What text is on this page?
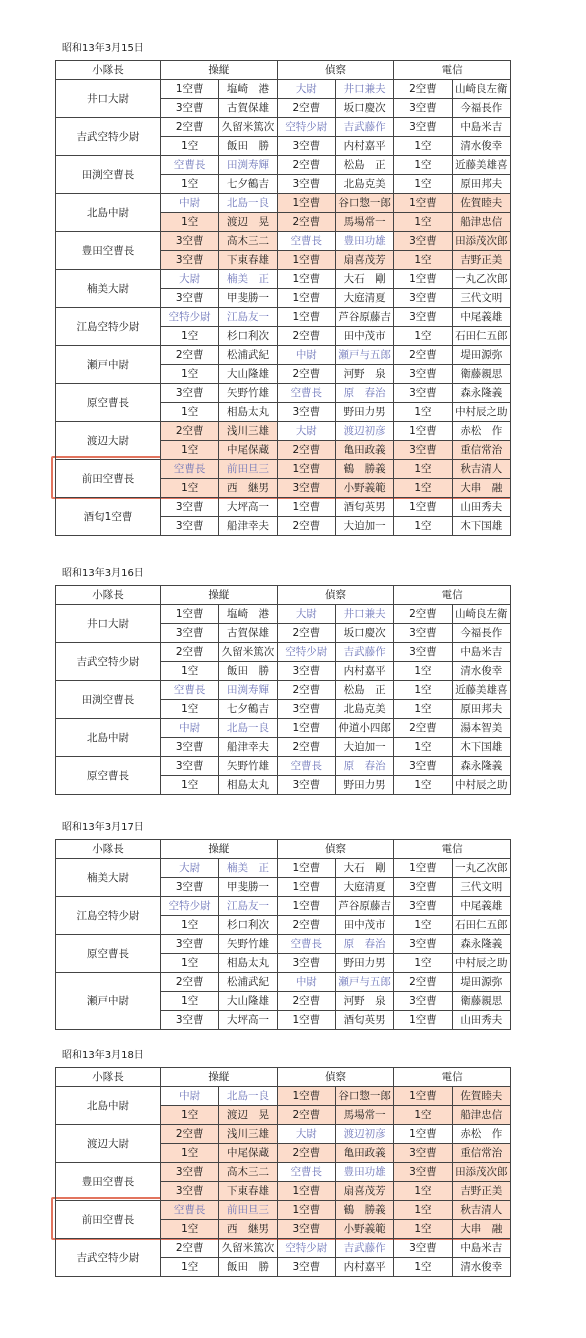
昭和13年3月15日
小隊長	操縦		偵察		電信	
井口大尉	1空曹	塩崎　港	大尉	井口兼夫	2空曹	山崎良左衛
	3空曹	古賀保雄	2空曹	坂口慶次	3空曹	今福長作
吉武空特少尉	2空曹	久留米篤次	空特少尉	吉武藤作	3空曹	中島米吉
	1空	飯田　勝	3空曹	内村嘉平	1空	清水俊幸
田渕空曹長	空曹長	田渕寿輝	2空曹	松島　正	1空	近藤美雄喜
	1空	七夕鶴吉	3空曹	北島克美	1空	原田邦夫
北島中尉	中尉	北島一良	1空曹	谷口惣一郎	1空曹	佐賀睦夫
	1空	渡辺　晃	2空曹	馬場常一	1空	船津忠信
豊田空曹長	3空曹	高木三二	空曹長	豊田功雄	3空曹	田添茂次郎
	3空曹	下東春雄	1空曹	扇喜茂芳	1空	吉野正美
楠美大尉	大尉	楠美　正	1空曹	大石　剛	1空曹	一丸乙次郎
	3空曹	甲斐勝一	1空曹	大庭清夏	3空曹	三代文明
江島空特少尉	空特少尉	江島友一	1空曹	芦谷原藤吉	3空曹	中尾義雄
	1空	杉口利次	2空曹	田中茂市	1空	石田仁五郎
瀬戸中尉	2空曹	松浦武紀	中尉	瀬戸与五郎	2空曹	堤田源弥
	1空	大山隆雄	2空曹	河野　泉	3空曹	衛藤親思
原空曹長	3空曹	矢野竹雄	空曹長	原　春治	3空曹	森永隆義
	1空	相島太丸	3空曹	野田力男	1空	中村辰之助
渡辺大尉	2空曹	浅川三雄	大尉	渡辺初彦	1空曹	赤松　作
	1空	中尾保蔵	2空曹	亀田政義	3空曹	重信常治
前田空曹長	空曹長	前田旦三	1空曹	鶴　勝義	1空	秋吉清人
	1空	西　継男	3空曹	小野義範	1空	大串　融
酒匂1空曹	3空曹	大坪高一	1空曹	酒匂英男	1空曹	山田秀夫
	3空曹	船津幸夫	2空曹	大迫加一	1空	木下国雄
昭和13年3月16日
小隊長	操縦		偵察		電信	
井口大尉	1空曹	塩崎　港	大尉	井口兼夫	2空曹	山崎良左衛
	3空曹	古賀保雄	2空曹	坂口慶次	3空曹	今福長作
吉武空特少尉	2空曹	久留米篤次	空特少尉	吉武藤作	3空曹	中島米吉
	1空	飯田　勝	3空曹	内村嘉平	1空	清水俊幸
田渕空曹長	空曹長	田渕寿輝	2空曹	松島　正	1空	近藤美雄喜
	1空	七夕鶴吉	3空曹	北島克美	1空	原田邦夫
北島中尉	中尉	北島一良	1空曹	仲道小四郎	2空曹	湯本智美
	3空曹	船津幸夫	2空曹	大迫加一	1空	木下国雄
原空曹長	3空曹	矢野竹雄	空曹長	原　春治	3空曹	森永隆義
	1空	相島太丸	3空曹	野田力男	1空	中村辰之助
昭和13年3月17日
小隊長	操縦		偵察		電信	
楠美大尉	大尉	楠美　正	1空曹	大石　剛	1空曹	一丸乙次郎
	3空曹	甲斐勝一	1空曹	大庭清夏	3空曹	三代文明
江島空特少尉	空特少尉	江島友一	1空曹	芦谷原藤吉	3空曹	中尾義雄
	1空	杉口利次	2空曹	田中茂市	1空	石田仁五郎
原空曹長	3空曹	矢野竹雄	空曹長	原　春治	3空曹	森永隆義
	1空	相島太丸	3空曹	野田力男	1空	中村辰之助
瀬戸中尉	2空曹	松浦武紀	中尉	瀬戸与五郎	2空曹	堤田源弥
	1空	大山隆雄	2空曹	河野　泉	3空曹	衛藤親思
	3空曹	大坪高一	1空曹	酒匂英男	1空曹	山田秀夫
昭和13年3月18日
小隊長	操縦		偵察		電信	
北島中尉	中尉	北島一良	1空曹	谷口惣一郎	1空曹	佐賀睦夫
	1空	渡辺　晃	2空曹	馬場常一	1空	船津忠信
渡辺大尉	2空曹	浅川三雄	大尉	渡辺初彦	1空曹	赤松　作
	1空	中尾保蔵	2空曹	亀田政義	3空曹	重信常治
豊田空曹長	3空曹	高木三二	空曹長	豊田功雄	3空曹	田添茂次郎
	3空曹	下東春雄	1空曹	扇喜茂芳	1空	吉野正美
前田空曹長	空曹長	前田旦三	1空曹	鶴　勝義	1空	秋吉清人
	1空	西　継男	3空曹	小野義範	1空	大串　融
吉武空特少尉	2空曹	久留米篤次	空特少尉	吉武藤作	3空曹	中島米吉
	1空	飯田　勝	3空曹	内村嘉平	1空	清水俊幸
